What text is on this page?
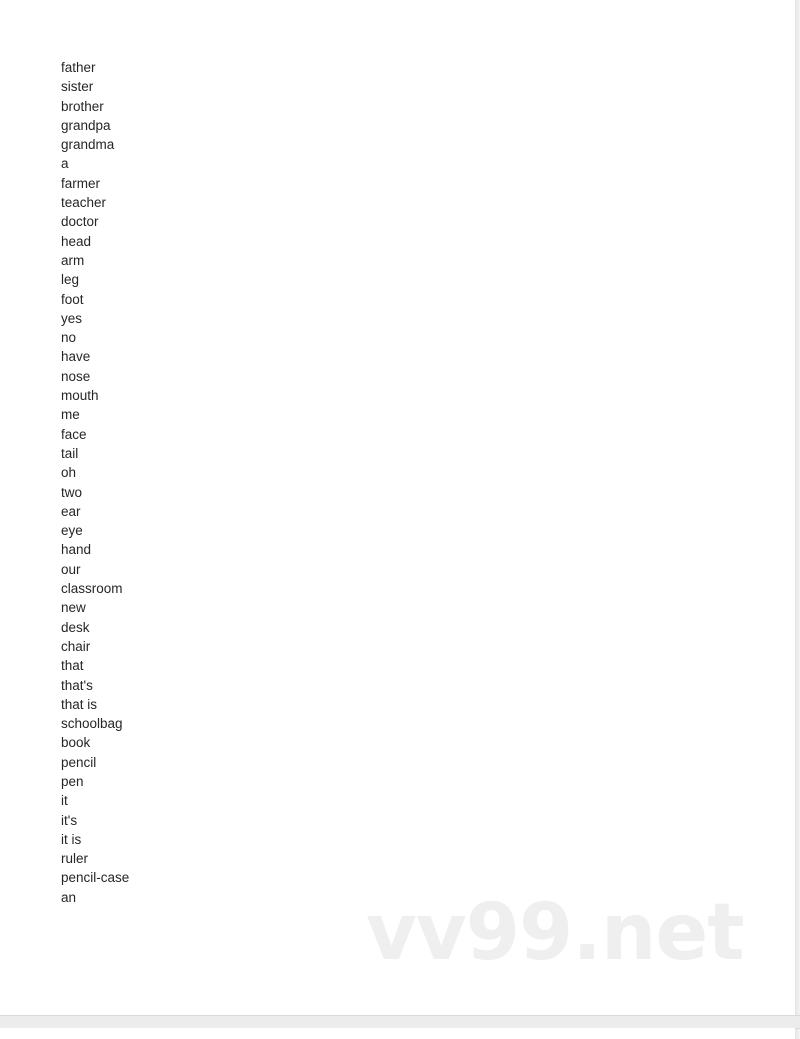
father
sister
brother
grandpa
grandma
a
farmer
teacher
doctor
head
arm
leg
foot
yes
no
have
nose
mouth
me
face
tail
oh
two
ear
eye
hand
our
classroom
new
desk
chair
that
that's
that is
schoolbag
book
pencil
pen
it
it's
it is
ruler
pencil-case
an	vv99.net
